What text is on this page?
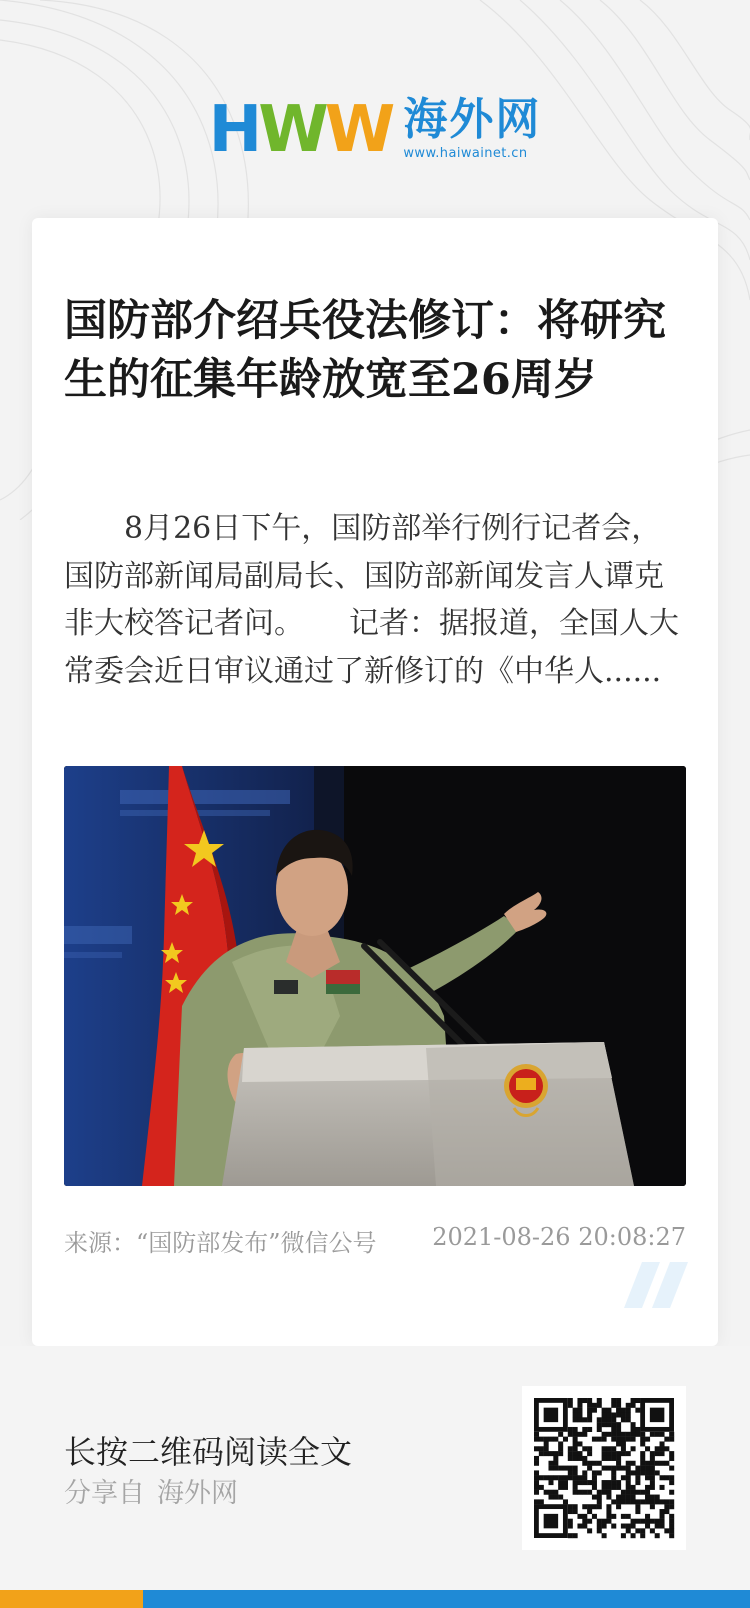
H W W 海外网
www.haiwainet.cn
国防部介绍兵役法修订：将研究生的征集年龄放宽至26周岁

8月26日下午，国防部举行例行记者会，国防部新闻局副局长、国防部新闻发言人谭克非大校答记者问。　　记者：据报道，全国人大常委会近日审议通过了新修订的《中华人......

来源：“国防部发布”微信公号 2021-08-26 20:08:27

长按二维码阅读全文

分享自 海外网
